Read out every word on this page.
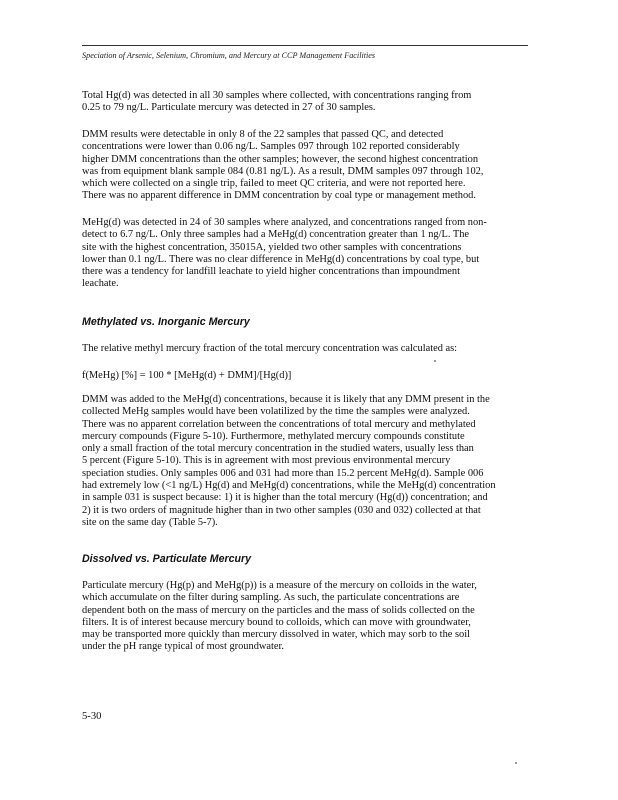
Speciation of Arsenic, Selenium, Chromium, and Mercury at CCP Management Facilities

Total Hg(d) was detected in all 30 samples where collected, with concentrations ranging from
0.25 to 79 ng/L. Particulate mercury was detected in 27 of 30 samples.

DMM results were detectable in only 8 of the 22 samples that passed QC, and detected
concentrations were lower than 0.06 ng/L. Samples 097 through 102 reported considerably
higher DMM concentrations than the other samples; however, the second highest concentration
was from equipment blank sample 084 (0.81 ng/L). As a result, DMM samples 097 through 102,
which were collected on a single trip, failed to meet QC criteria, and were not reported here.
There was no apparent difference in DMM concentration by coal type or management method.

MeHg(d) was detected in 24 of 30 samples where analyzed, and concentrations ranged from non-
detect to 6.7 ng/L. Only three samples had a MeHg(d) concentration greater than 1 ng/L. The
site with the highest concentration, 35015A, yielded two other samples with concentrations
lower than 0.1 ng/L. There was no clear difference in MeHg(d) concentrations by coal type, but
there was a tendency for landfill leachate to yield higher concentrations than impoundment
leachate.

Methylated vs. Inorganic Mercury

The relative methyl mercury fraction of the total mercury concentration was calculated as:

f(MeHg) [%] = 100 * [MeHg(d) + DMM]/[Hg(d)]

DMM was added to the MeHg(d) concentrations, because it is likely that any DMM present in the
collected MeHg samples would have been volatilized by the time the samples were analyzed.
There was no apparent correlation between the concentrations of total mercury and methylated
mercury compounds (Figure 5-10). Furthermore, methylated mercury compounds constitute
only a small fraction of the total mercury concentration in the studied waters, usually less than
5 percent (Figure 5-10). This is in agreement with most previous environmental mercury
speciation studies. Only samples 006 and 031 had more than 15.2 percent MeHg(d). Sample 006
had extremely low (<1 ng/L) Hg(d) and MeHg(d) concentrations, while the MeHg(d) concentration
in sample 031 is suspect because: 1) it is higher than the total mercury (Hg(d)) concentration; and
2) it is two orders of magnitude higher than in two other samples (030 and 032) collected at that
site on the same day (Table 5-7).

Dissolved vs. Particulate Mercury

Particulate mercury (Hg(p) and MeHg(p)) is a measure of the mercury on colloids in the water,
which accumulate on the filter during sampling. As such, the particulate concentrations are
dependent both on the mass of mercury on the particles and the mass of solids collected on the
filters. It is of interest because mercury bound to colloids, which can move with groundwater,
may be transported more quickly than mercury dissolved in water, which may sorb to the soil
under the pH range typical of most groundwater.

5-30
